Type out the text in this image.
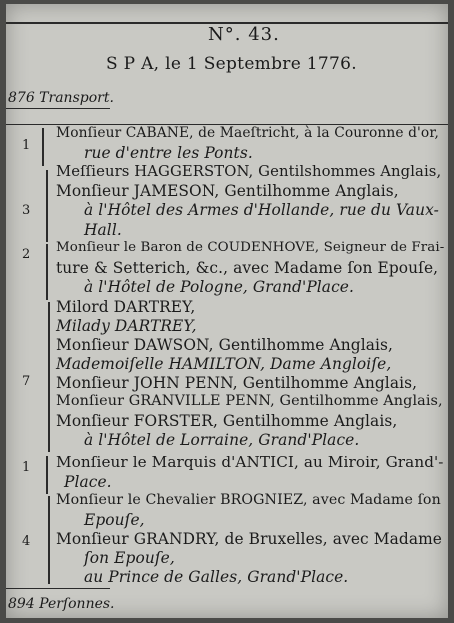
N°. 43.
S P A, le 1 Septembre 1776.
876 Transport.
1
Monſieur CABANE, de Maeſtricht, à la Couronne d'or,
rue d'entre les Ponts.
3
Meſſieurs HAGGERSTON, Gentilshommes Anglais,
Monſieur JAMESON, Gentilhomme Anglais,
à l'Hôtel des Armes d'Hollande, rue du Vaux-
Hall.
2 Monſieur le Baron de COUDENHOVE, Seigneur de Frai-
ture & Setterich, &c., avec Madame ſon Epouſe,
à l'Hôtel de Pologne, Grand'Place.
7
Milord DARTREY,
Milady DARTREY,
Monſieur DAWSON, Gentilhomme Anglais,
Mademoiſelle HAMILTON, Dame Angloiſe,
Monſieur JOHN PENN, Gentilhomme Anglais,
Monſieur GRANVILLE PENN, Gentilhomme Anglais,
Monſieur FORSTER, Gentilhomme Anglais,
à l'Hôtel de Lorraine, Grand'Place.
1 Monſieur le Marquis d'ANTICI, au Miroir, Grand'-
Place.
4
Monſieur le Chevalier BROGNIEZ, avec Madame ſon
Epouſe,
Monſieur GRANDRY, de Bruxelles, avec Madame
ſon Epouſe,
au Prince de Galles, Grand'Place.
894 Perſonnes.
